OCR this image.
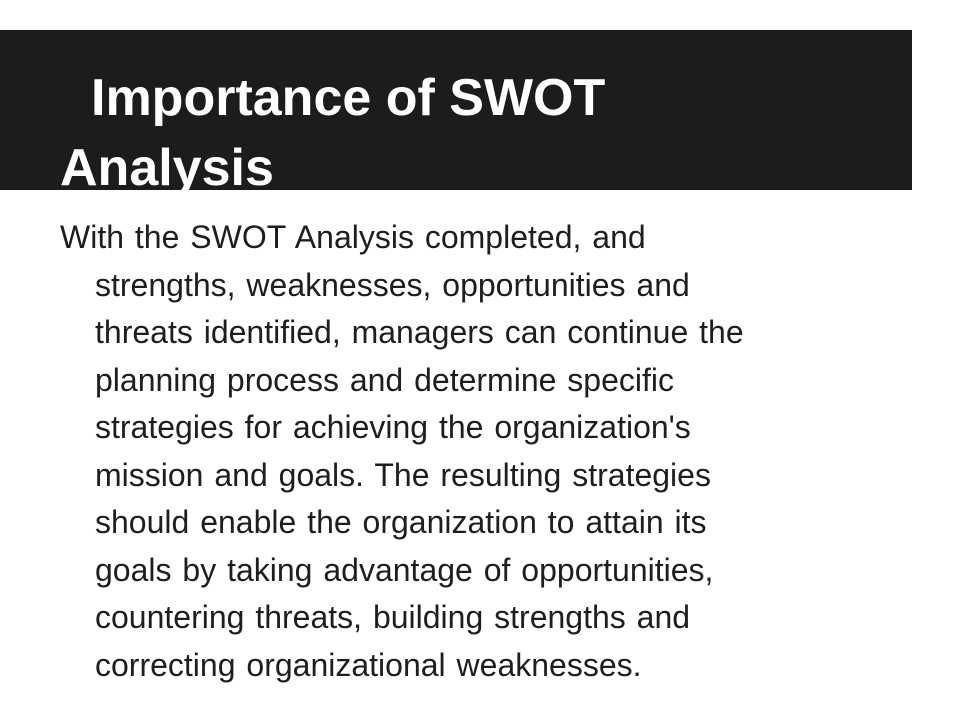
Importance of SWOT
Analysis

With the SWOT Analysis completed, and
strengths, weaknesses, opportunities and
threats identified, managers can continue the
planning process and determine specific
strategies for achieving the organization's
mission and goals. The resulting strategies
should enable the organization to attain its
goals by taking advantage of opportunities,
countering threats, building strengths and
correcting organizational weaknesses.
